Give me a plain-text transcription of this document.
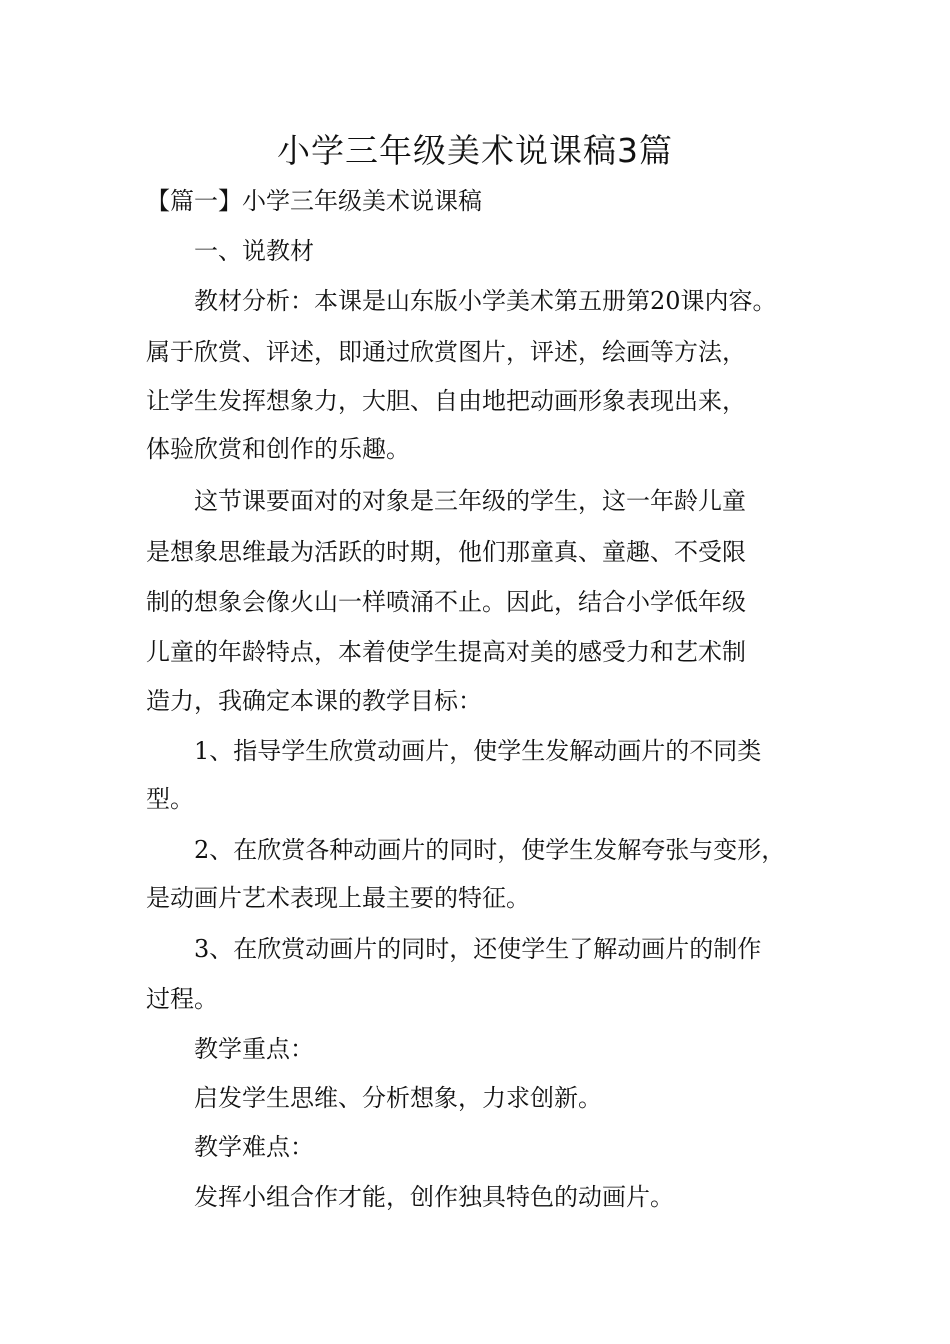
小学三年级美术说课稿3篇

【篇一】小学三年级美术说课稿

一、说教材

教材分析：本课是山东版小学美术第五册第20课内容。

属于欣赏、评述，即通过欣赏图片，评述，绘画等方法，

让学生发挥想象力，大胆、自由地把动画形象表现出来，

体验欣赏和创作的乐趣。

这节课要面对的对象是三年级的学生，这一年龄儿童

是想象思维最为活跃的时期，他们那童真、童趣、不受限

制的想象会像火山一样喷涌不止。因此，结合小学低年级

儿童的年龄特点，本着使学生提高对美的感受力和艺术制

造力，我确定本课的教学目标：

1、指导学生欣赏动画片，使学生发解动画片的不同类

型。

2、在欣赏各种动画片的同时，使学生发解夸张与变形，

是动画片艺术表现上最主要的特征。

3、在欣赏动画片的同时，还使学生了解动画片的制作

过程。

教学重点：

启发学生思维、分析想象，力求创新。

教学难点：

发挥小组合作才能，创作独具特色的动画片。
